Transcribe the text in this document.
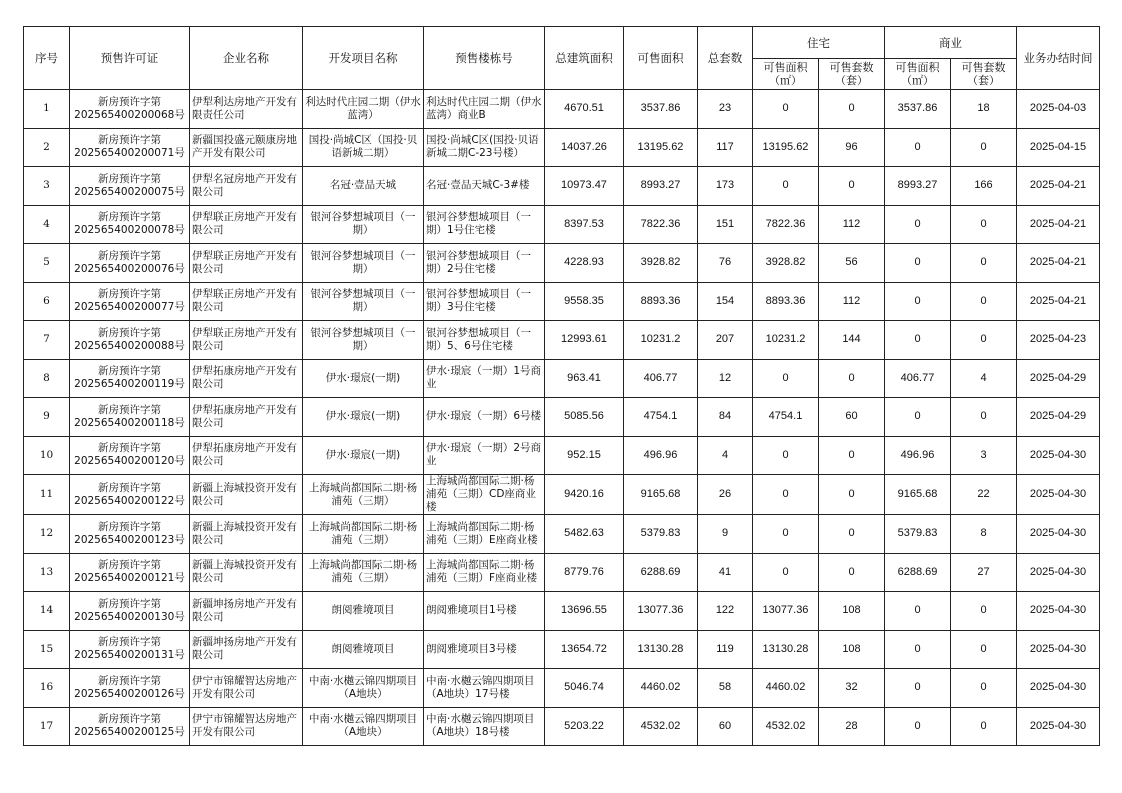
序号	预售许可证	企业名称	开发项目名称	预售楼栋号	总建筑面积	可售面积	总套数	住宅		商业		业务办结时间
								可售面积（㎡）	可售套数（套）	可售面积（㎡）	可售套数（套）	
1	新房预许字第 202565400200068号	伊犁利达房地产开发有限责任公司	利达时代庄园二期（伊水蓝湾）	利达时代庄园二期（伊水蓝湾）商业B	4670.51	3537.86	23	0	0	3537.86	18	2025-04-03
2	新房预许字第 202565400200071号	新疆国投盛元颐康房地产开发有限公司	国投·尚城C区（国投·贝语新城二期）	国投·尚城C区(国投·贝语新城二期C-23号楼）	14037.26	13195.62	117	13195.62	96	0	0	2025-04-15
3	新房预许字第 202565400200075号	伊犁名冠房地产开发有限公司	名冠·壹品天城	名冠·壹品天城C-3#楼	10973.47	8993.27	173	0	0	8993.27	166	2025-04-21
4	新房预许字第 202565400200078号	伊犁联正房地产开发有限公司	银河谷梦想城项目（一期）	银河谷梦想城项目（一期）1号住宅楼	8397.53	7822.36	151	7822.36	112	0	0	2025-04-21
5	新房预许字第 202565400200076号	伊犁联正房地产开发有限公司	银河谷梦想城项目（一期）	银河谷梦想城项目（一期）2号住宅楼	4228.93	3928.82	76	3928.82	56	0	0	2025-04-21
6	新房预许字第 202565400200077号	伊犁联正房地产开发有限公司	银河谷梦想城项目（一期）	银河谷梦想城项目（一期）3号住宅楼	9558.35	8893.36	154	8893.36	112	0	0	2025-04-21
7	新房预许字第 202565400200088号	伊犁联正房地产开发有限公司	银河谷梦想城项目（一期）	银河谷梦想城项目（一期）5、6号住宅楼	12993.61	10231.2	207	10231.2	144	0	0	2025-04-23
8	新房预许字第 202565400200119号	伊犁拓康房地产开发有限公司	伊水·璟宸(一期)	伊水·璟宸（一期）1号商业	963.41	406.77	12	0	0	406.77	4	2025-04-29
9	新房预许字第 202565400200118号	伊犁拓康房地产开发有限公司	伊水·璟宸(一期)	伊水·璟宸（一期）6号楼	5085.56	4754.1	84	4754.1	60	0	0	2025-04-29
10	新房预许字第 202565400200120号	伊犁拓康房地产开发有限公司	伊水·璟宸(一期)	伊水·璟宸（一期）2号商业	952.15	496.96	4	0	0	496.96	3	2025-04-30
11	新房预许字第 202565400200122号	新疆上海城投资开发有限公司	上海城尚都国际二期·杨浦苑（三期）	上海城尚都国际二期·杨浦苑（三期）CD座商业楼	9420.16	9165.68	26	0	0	9165.68	22	2025-04-30
12	新房预许字第 202565400200123号	新疆上海城投资开发有限公司	上海城尚都国际二期·杨浦苑（三期）	上海城尚都国际二期·杨浦苑（三期）E座商业楼	5482.63	5379.83	9	0	0	5379.83	8	2025-04-30
13	新房预许字第 202565400200121号	新疆上海城投资开发有限公司	上海城尚都国际二期·杨浦苑（三期）	上海城尚都国际二期·杨浦苑（三期）F座商业楼	8779.76	6288.69	41	0	0	6288.69	27	2025-04-30
14	新房预许字第 202565400200130号	新疆坤扬房地产开发有限公司	朗阅雅境项目	朗阅雅境项目1号楼	13696.55	13077.36	122	13077.36	108	0	0	2025-04-30
15	新房预许字第 202565400200131号	新疆坤扬房地产开发有限公司	朗阅雅境项目	朗阅雅境项目3号楼	13654.72	13130.28	119	13130.28	108	0	0	2025-04-30
16	新房预许字第 202565400200126号	伊宁市锦耀智达房地产开发有限公司	中南·水樾云锦四期项目（A地块）	中南·水樾云锦四期项目（A地块）17号楼	5046.74	4460.02	58	4460.02	32	0	0	2025-04-30
17	新房预许字第 202565400200125号	伊宁市锦耀智达房地产开发有限公司	中南·水樾云锦四期项目（A地块）	中南·水樾云锦四期项目（A地块）18号楼	5203.22	4532.02	60	4532.02	28	0	0	2025-04-30
